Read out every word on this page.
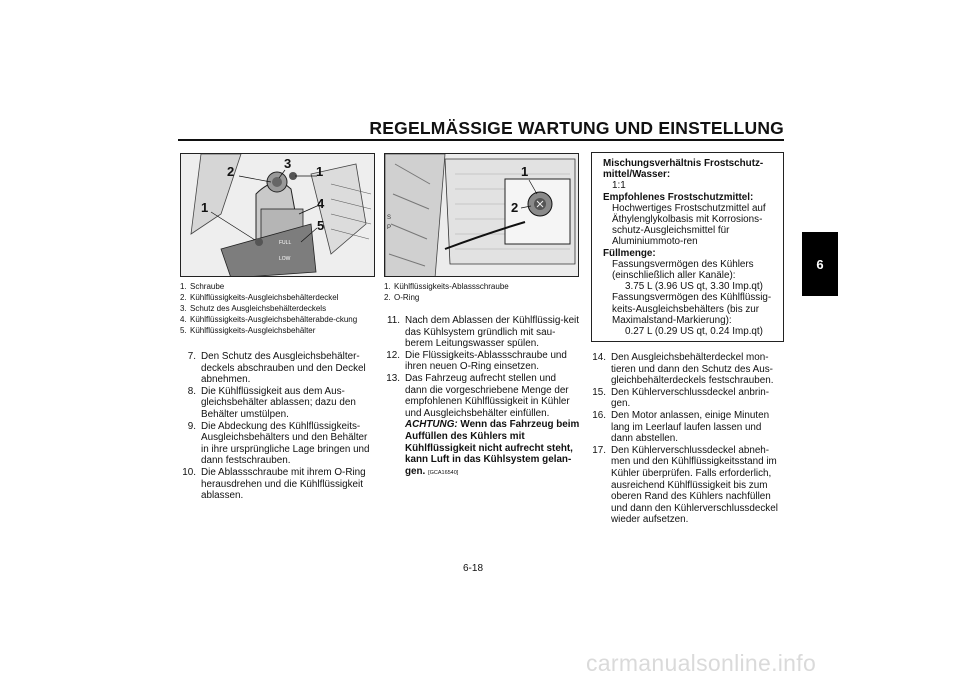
REGELMÄSSIGE WARTUNG UND EINSTELLUNG
6
FULL
LOW
2
3
1
1	4
5	S
P
1
2
1. Schraube
2. Kühlflüssigkeits-Ausgleichsbehälterdeckel
3. Schutz des Ausgleichsbehälterdeckels
4. Kühlflüssigkeits-Ausgleichsbehälterabde-ckung
5. Kühlflüssigkeits-Ausgleichsbehälter
1. Kühlflüssigkeits-Ablassschraube
2. O-Ring
7. Den Schutz des Ausgleichsbehälter-deckels abschrauben und den Deckel abnehmen.
8. Die Kühlflüssigkeit aus dem Aus-gleichsbehälter ablassen; dazu den Behälter umstülpen.
9. Die Abdeckung des Kühlflüssigkeits-Ausgleichsbehälters und den Behälter in ihre ursprüngliche Lage bringen und dann festschrauben.
10. Die Ablassschraube mit ihrem O-Ring herausdrehen und die Kühlflüssigkeit ablassen.
11. Nach dem Ablassen der Kühlflüssig-keit das Kühlsystem gründlich mit sau-berem Leitungswasser spülen.
12. Die Flüssigkeits-Ablassschraube und ihren neuen O-Ring einsetzen.
13. Das Fahrzeug aufrecht stellen und dann die vorgeschriebene Menge der empfohlenen Kühlflüssigkeit in Kühler und Ausgleichsbehälter einfüllen.
ACHTUNG: Wenn das Fahrzeug beim Auffüllen des Kühlers mit Kühlflüssigkeit nicht aufrecht steht, kann Luft in das Kühlsystem gelan-gen. [GCA16540]
Mischungsverhältnis Frostschutz-mittel/Wasser:
1:1
Empfohlenes Frostschutzmittel:
Hochwertiges Frostschutzmittel auf Äthylenglykolbasis mit Korrosions-schutz-Ausgleichsmittel für Aluminiummoto-ren
Füllmenge:
Fassungsvermögen des Kühlers (einschließlich aller Kanäle):
3.75 L (3.96 US qt, 3.30 Imp.qt)
Fassungsvermögen des Kühlflüssig-keits-Ausgleichsbehälters (bis zur Maximalstand-Markierung):
0.27 L (0.29 US qt, 0.24 Imp.qt)
14. Den Ausgleichsbehälterdeckel mon-tieren und dann den Schutz des Aus-gleichbehälterdeckels festschrauben.
15. Den Kühlerverschlussdeckel anbrin-gen.
16. Den Motor anlassen, einige Minuten lang im Leerlauf laufen lassen und dann abstellen.
17. Den Kühlerverschlussdeckel abneh-men und den Kühlflüssigkeitsstand im Kühler überprüfen. Falls erforderlich, ausreichend Kühlflüssigkeit bis zum oberen Rand des Kühlers nachfüllen und dann den Kühlerverschlussdeckel wieder aufsetzen.
6-18
carmanualsonline.info
